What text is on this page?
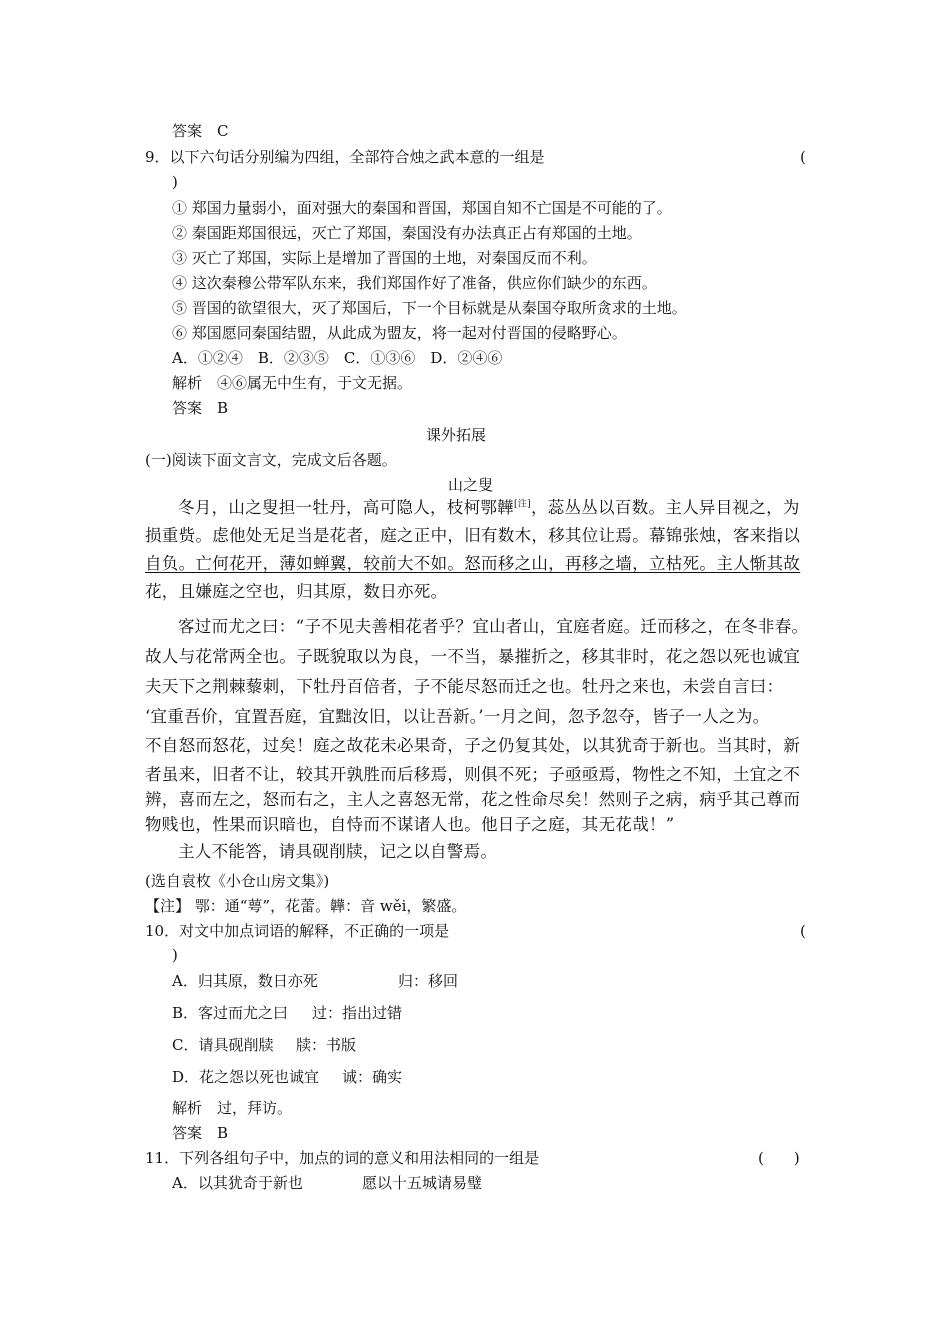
答案　C
9．以下六句话分别编为四组，全部符合烛之武本意的一组是	(
)
① 郑国力量弱小，面对强大的秦国和晋国，郑国自知不亡国是不可能的了。
② 秦国距郑国很远，灭亡了郑国，秦国没有办法真正占有郑国的土地。
③ 灭亡了郑国，实际上是增加了晋国的土地，对秦国反而不利。
④ 这次秦穆公带军队东来，我们郑国作好了准备，供应你们缺少的东西。
⑤ 晋国的欲望很大，灭了郑国后，下一个目标就是从秦国夺取所贪求的土地。
⑥ 郑国愿同秦国结盟，从此成为盟友，将一起对付晋国的侵略野心。
A．①②④　B．②③⑤　C．①③⑥　D．②④⑥
解析　④⑥属无中生有，于文无据。
答案　B
课外拓展
(一)阅读下面文言文，完成文后各题。
山之叟
冬月，山之叟担一牡丹，高可隐人，枝柯鄂韡[注]，蕊丛丛以百数。主人异目视之，为
损重赀。虑他处无足当是花者，庭之正中，旧有数木，移其位让焉。幕锦张烛，客来指以
自负。亡何花开，薄如蝉翼，较前大不如。怒而移之山，再移之墙，立枯死。主人惭其故
花，且嫌庭之空也，归其原，数日亦死。
客过而尤之曰：“子不见夫善相花者乎？宜山者山，宜庭者庭。迁而移之，在冬非春。
故人与花常两全也。子既貌取以为良，一不当，暴摧折之，移其非时，花之怨以死也诚宜
夫天下之荆棘藜刺，下牡丹百倍者，子不能尽怒而迁之也。牡丹之来也，未尝自言曰：
‘宜重吾价，宜置吾庭，宜黜汝旧，以让吾新。’一月之间，忽予忽夺，皆子一人之为。
不自怒而怒花，过矣！庭之故花未必果奇，子之仍复其处，以其犹奇于新也。当其时，新
者虽来，旧者不让，较其开孰胜而后移焉，则俱不死；子亟亟焉，物性之不知，土宜之不
辨，喜而左之，怒而右之，主人之喜怒无常，花之性命尽矣！然则子之病，病乎其己尊而
物贱也，性果而识暗也，自恃而不谋诸人也。他日子之庭，其无花哉！”
主人不能答，请具砚削牍，记之以自警焉。
(选自袁枚《小仓山房文集》)
【注】 鄂：通“萼”，花蕾。韡：音 wěi，繁盛。
10．对文中加点词语的解释，不正确的一项是	(
)
A．归其原，数日亦死	归：移回
B．客过而尤之曰 过：指出过错
C．请具砚削牍 牍：书版
D．花之怨以死也诚宜 诚：确实
解析　过，拜访。
答案　B
11．下列各组句子中，加点的词的意义和用法相同的一组是	(　　)
A．以其犹奇于新也	愿以十五城请易璧
